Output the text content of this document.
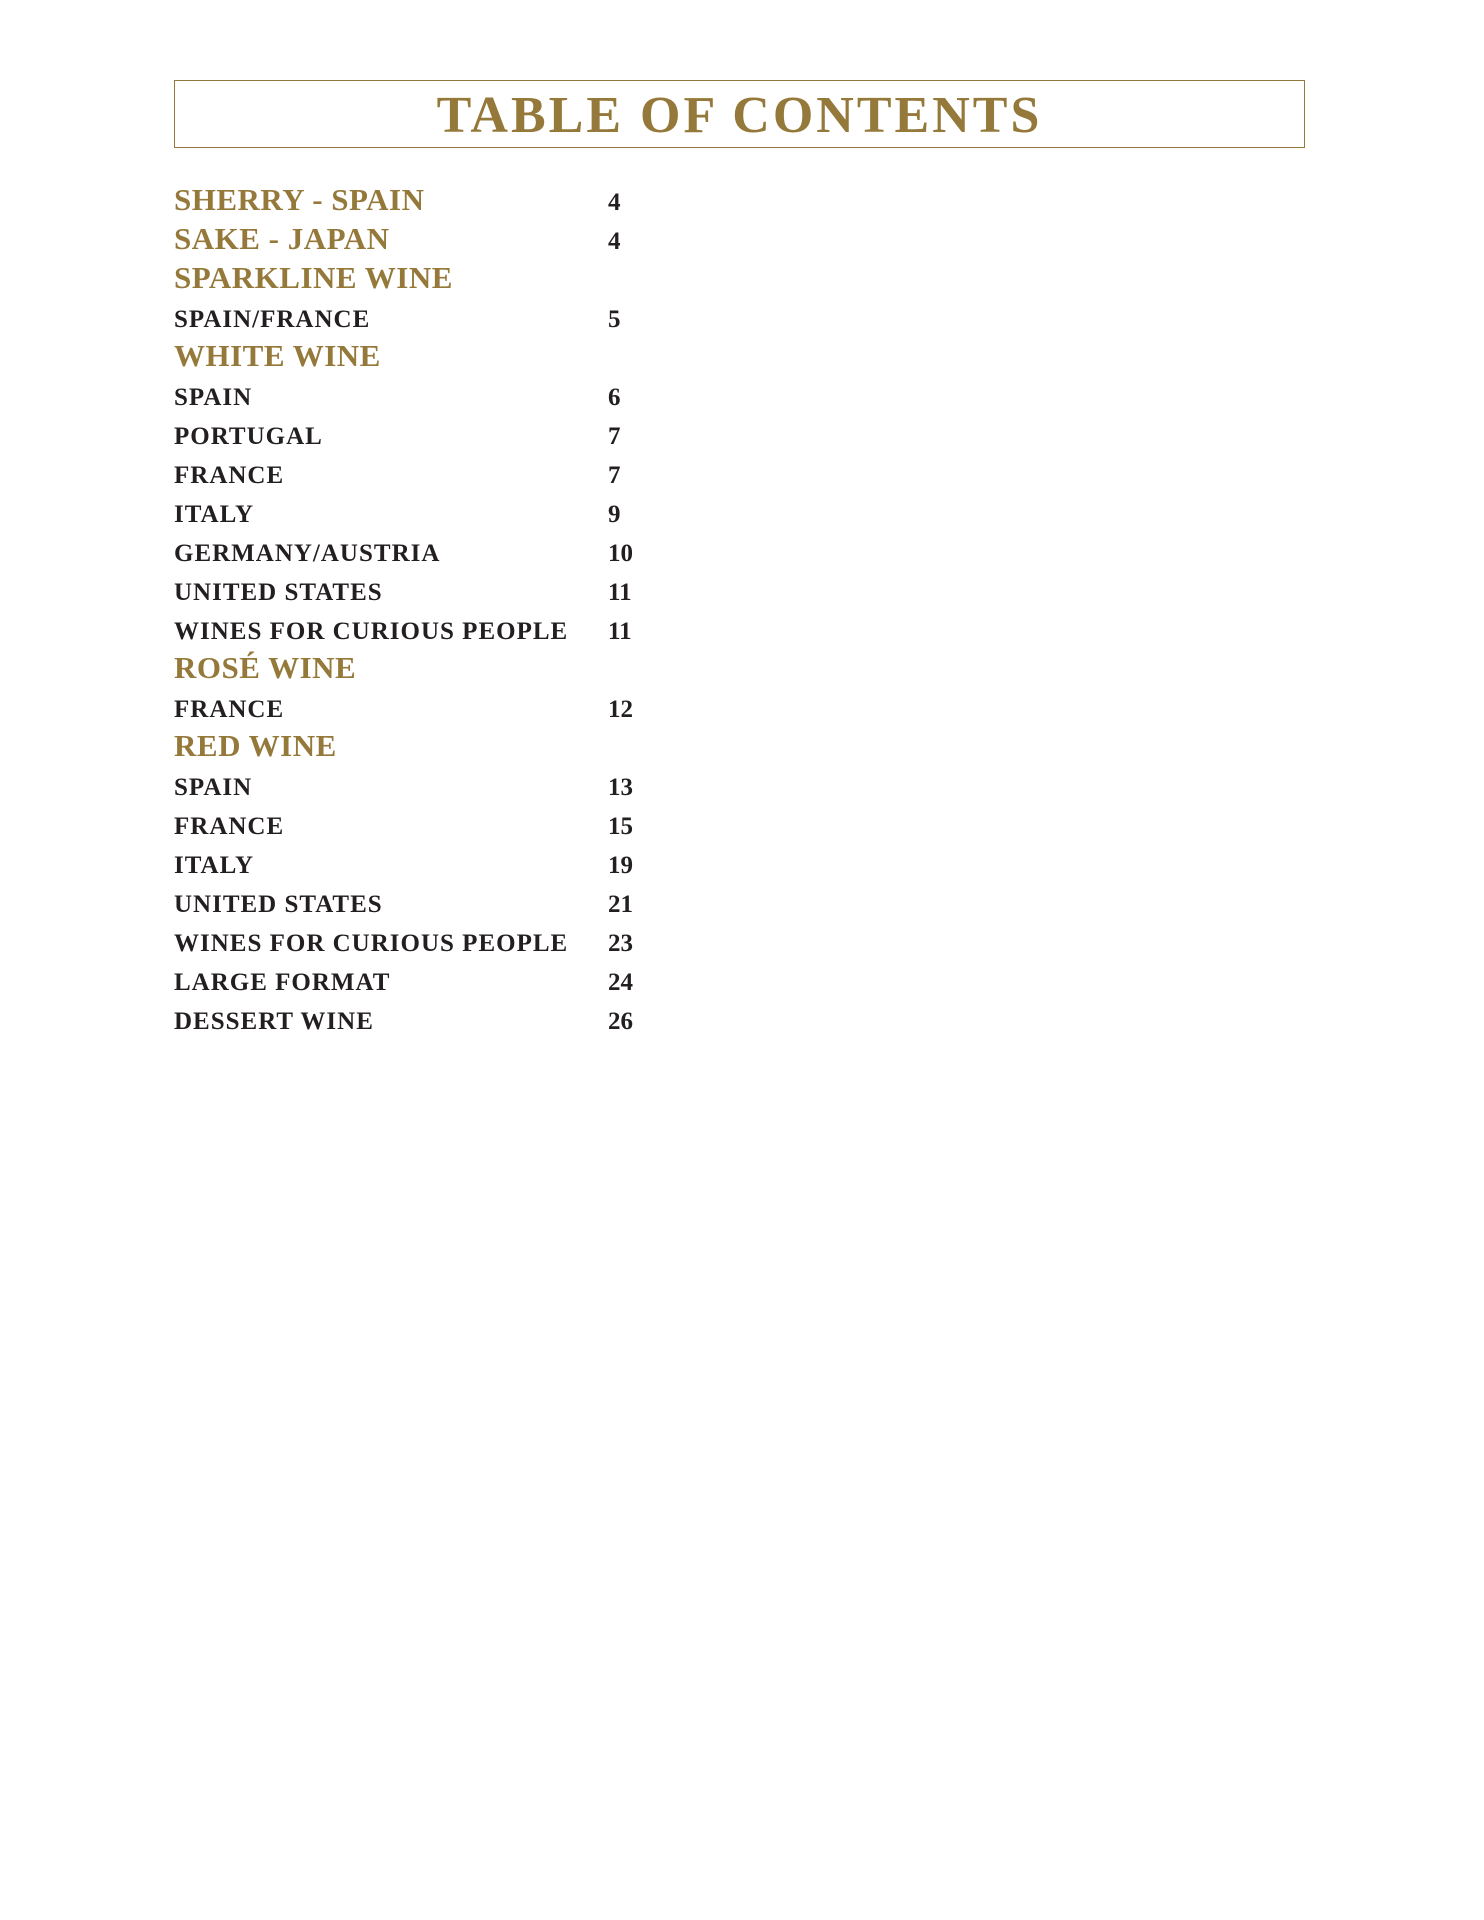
TABLE OF CONTENTS
SHERRY - SPAIN	4
SAKE - JAPAN	4
SPARKLINE WINE
SPAIN/FRANCE	5
WHITE WINE
SPAIN	6
PORTUGAL	7
FRANCE	7
ITALY	9
GERMANY/AUSTRIA	10
UNITED STATES	11
WINES FOR CURIOUS PEOPLE 11
ROSÉ WINE
FRANCE	12
RED WINE
SPAIN	13
FRANCE	15
ITALY	19
UNITED STATES	21
WINES FOR CURIOUS PEOPLE 23
LARGE FORMAT	24
DESSERT WINE	26
